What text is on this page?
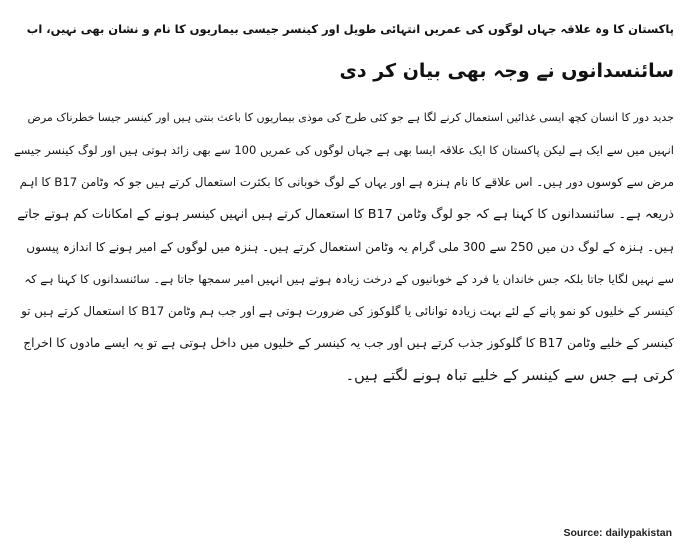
پاکستان کا وہ علاقہ جہاں لوگوں کی عمریں انتہائی طویل اور کینسر جیسی بیماریوں کا نام و نشان بھی نہیں، اب
سائنسدانوں نے وجہ بھی بیان کر دی
جدید دور کا انسان کچھ ایسی غذائیں استعمال کرنے لگا ہے جو کئی طرح کی موذی بیماریوں کا باعث بنتی ہیں اور کینسر جیسا خطرناک مرض
انہیں میں سے ایک ہے لیکن پاکستان کا ایک علاقہ ایسا بھی ہے جہاں لوگوں کی عمریں 100 سے بھی زائد ہوتی ہیں اور لوگ کینسر جیسے
مرض سے کوسوں دور ہیں۔ اس علاقے کا نام ہنزہ ہے اور یہاں کے لوگ خوبانی کا بکثرت استعمال کرتے ہیں جو کہ وٹامن B17 کا اہم
ذریعہ ہے۔ سائنسدانوں کا کہنا ہے کہ جو لوگ وٹامن B17 کا استعمال کرتے ہیں انہیں کینسر ہونے کے امکانات کم ہوتے جاتے
ہیں۔ ہنزہ کے لوگ دن میں 250 سے 300 ملی گرام یہ وٹامن استعمال کرتے ہیں۔ ہنزہ میں لوگوں کے امیر ہونے کا اندازہ پیسوں
سے نہیں لگایا جاتا بلکہ جس خاندان یا فرد کے خوبانیوں کے درخت زیادہ ہوتے ہیں انہیں امیر سمجھا جاتا ہے۔ سائنسدانوں کا کہنا ہے کہ
کینسر کے خلیوں کو نمو پانے کے لئے بہت زیادہ توانائی یا گلوکوز کی ضرورت ہوتی ہے اور جب ہم وٹامن B17 کا استعمال کرتے ہیں تو
کینسر کے خلیے وٹامن B17 کا گلوکوز جذب کرتے ہیں اور جب یہ کینسر کے خلیوں میں داخل ہوتی ہے تو یہ ایسے مادوں کا اخراج
کرتی ہے جس سے کینسر کے خلیے تباہ ہونے لگتے ہیں۔
Source: dailypakistan
